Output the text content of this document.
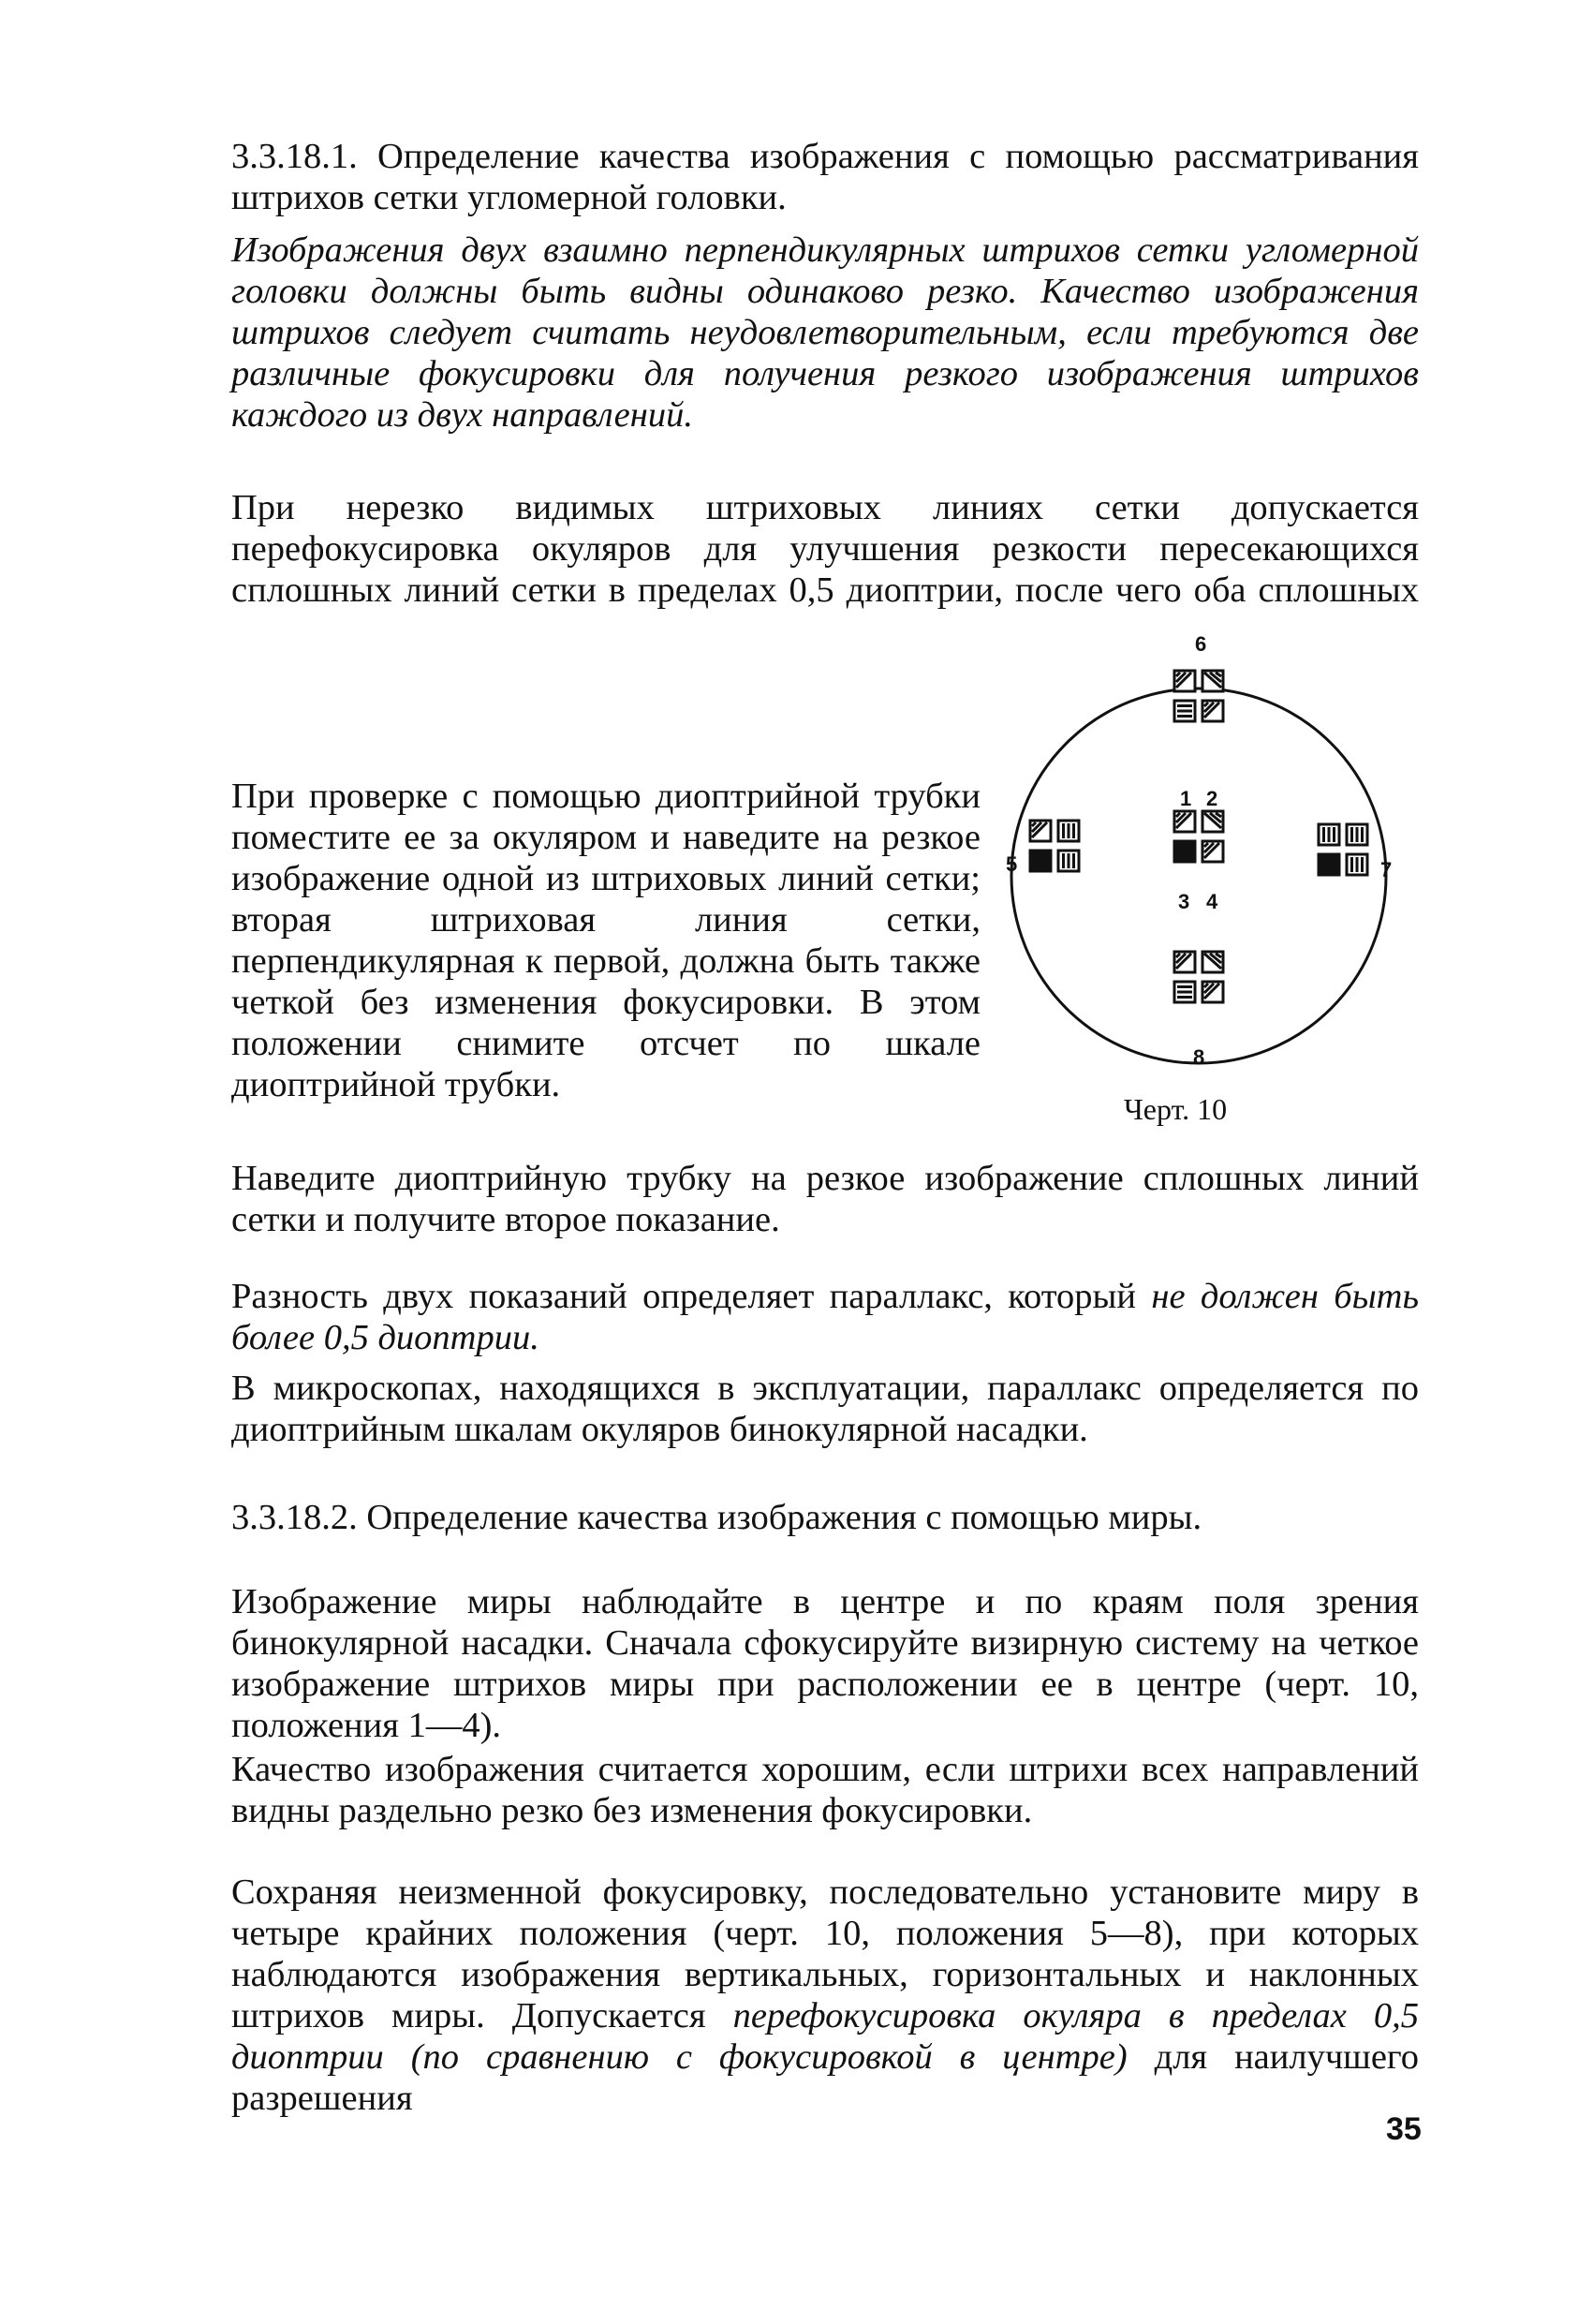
3.3.18.1. Определение качества изображения с помощью рассматривания штрихов сетки угломерной головки.

Изображения двух взаимно перпендикулярных штрихов сетки угломерной головки должны быть видны одинаково резко. Качество изображения штрихов следует считать неудовлетворительным, если требуются две различные фокусировки для получения резкого изображения штрихов каждого из двух направлений.

При нерезко видимых штриховых линиях сетки допускается перефокусировка окуляров для улучшения резкости пересекающихся сплошных линий сетки в пределах 0,5 диоптрии, после чего оба сплошных

При проверке с помощью диоптрийной трубки поместите ее за окуляром и наведите на резкое изображение одной из штриховых линий сетки; вторая штриховая линия сетки, перпендикулярная к первой, должна быть также четкой без изменения фокусировки. В этом положении снимите отсчет по шкале диоптрийной трубки.

Наведите диоптрийную трубку на резкое изображение сплошных линий сетки и получите второе показание.

Разность двух показаний определяет параллакс, который не должен быть более 0,5 диоптрии.

В микроскопах, находящихся в эксплуатации, параллакс определяется по диоптрийным шкалам окуляров бинокулярной насадки.

3.3.18.2. Определение качества изображения с помощью миры.

Изображение миры наблюдайте в центре и по краям поля зрения бинокулярной насадки. Сначала сфокусируйте визирную систему на четкое изображение штрихов миры при расположении ее в центре (черт. 10, положения 1—4).

Качество изображения считается хорошим, если штрихи всех направлений видны раздельно резко без изменения фокусировки.

Сохраняя неизменной фокусировку, последовательно установите миру в четыре крайних положения (черт. 10, положения 5—8), при которых наблюдаются изображения вертикальных, горизонтальных и наклонных штрихов миры. Допускается перефокусировка окуляра в пределах 0,5 диоптрии (по сравнению с фокусировкой в центре) для наилучшего разрешения

6
1 2
5	7
3 4
8
Черт. 10
35
